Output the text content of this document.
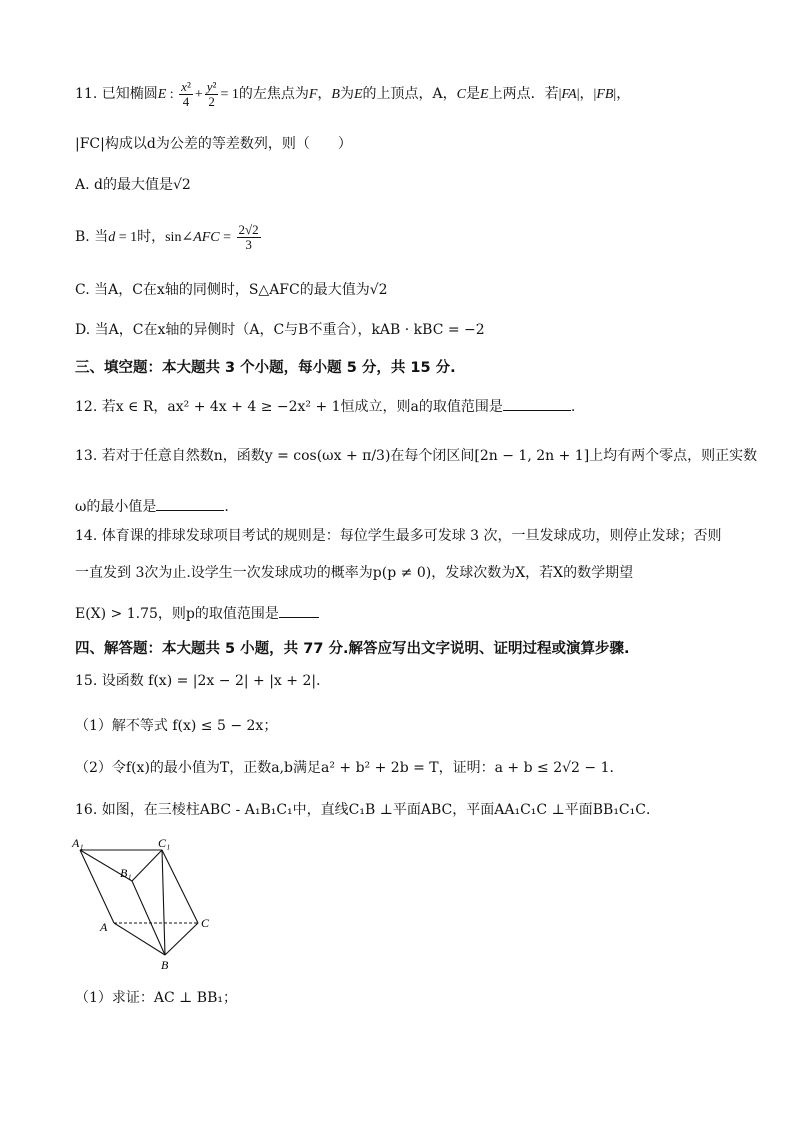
11. 已知椭圆E : $\frac{\text{x²}}{4} + \frac{\text{y²}}{2} = 1$的左焦点为F，B为E的上顶点，A，C是E上两点．若|FA|，|FB|，
|FC|构成以d为公差的等差数列，则（　　）
A. d的最大值是√2
B. 当d = 1时，sin∠AFC = $\frac{2√2}{3}$
C. 当A，C在x轴的同侧时，S△AFC的最大值为√2
D. 当A，C在x轴的异侧时（A，C与B不重合），kAB · kBC = −2
三、填空题：本大题共 3 个小题，每小题 5 分，共 15 分.
12. 若x ∈ R，ax² + 4x + 4 ≥ −2x² + 1恒成立，则a的取值范围是	.
13. 若对于任意自然数n，函数y = cos(ωx + π/3)在每个闭区间[2n − 1, 2n + 1]上均有两个零点，则正实数
ω的最小值是	.
14. 体育课的排球发球项目考试的规则是：每位学生最多可发球 3 次，一旦发球成功，则停止发球；否则
一直发到 3次为止.设学生一次发球成功的概率为p(p ≠ 0)，发球次数为X，若X的数学期望
E(X) > 1.75，则p的取值范围是
四、解答题：本大题共 5 小题，共 77 分.解答应写出文字说明、证明过程或演算步骤.
15. 设函数 f(x) = |2x − 2| + |x + 2|．
（1）解不等式 f(x) ≤ 5 − 2x；
（2）令f(x)的最小值为T，正数a,b满足a² + b² + 2b = T，证明：a + b ≤ 2√2 − 1．
16. 如图，在三棱柱ABC - A₁B₁C₁中，直线C₁B ⊥平面ABC，平面AA₁C₁C ⊥平面BB₁C₁C．
A₁	C₁
B₁
A
B
C
（1）求证：AC ⊥ BB₁；
